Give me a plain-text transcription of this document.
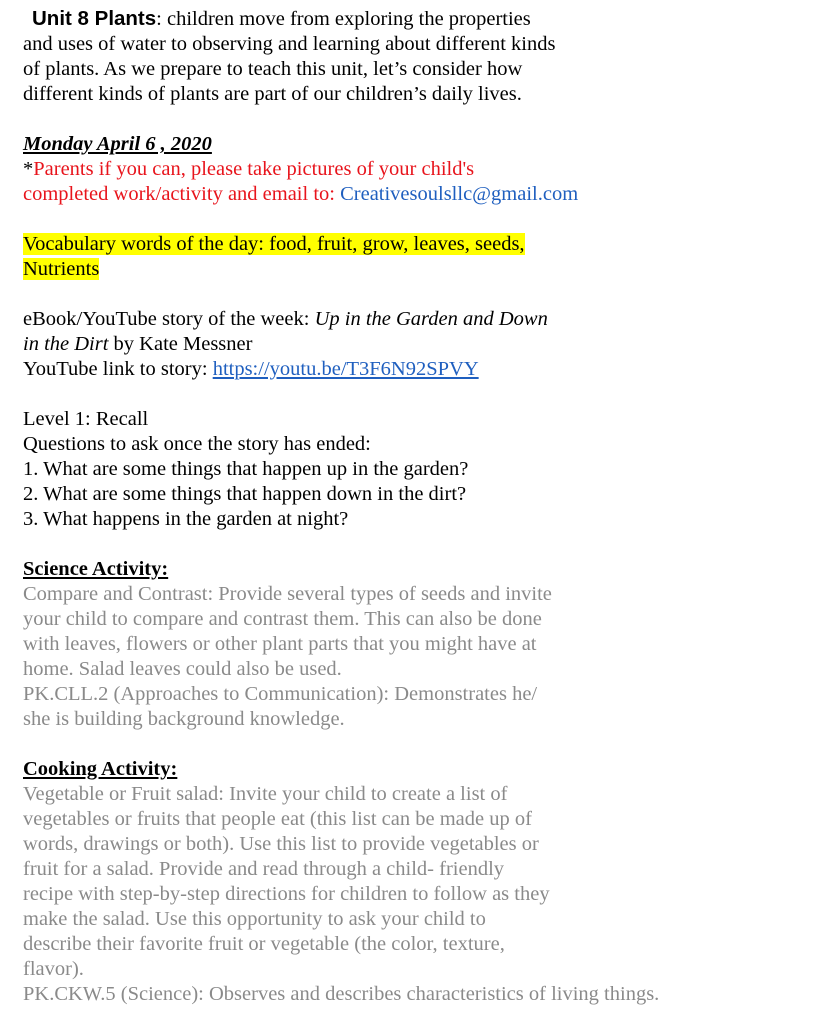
Unit 8 Plants: children move from exploring the properties
and uses of water to observing and learning about different kinds
of plants. As we prepare to teach this unit, let’s consider how
different kinds of plants are part of our children’s daily lives.
Monday April 6 , 2020
*Parents if you can, please take pictures of your child's
completed work/activity and email to: Creativesoulsllc@gmail.com
Vocabulary words of the day: food, fruit, grow, leaves, seeds,
Nutrients
eBook/YouTube story of the week: Up in the Garden and Down
in the Dirt by Kate Messner
YouTube link to story: https://youtu.be/T3F6N92SPVY
Level 1: Recall
Questions to ask once the story has ended:
1. What are some things that happen up in the garden?
2. What are some things that happen down in the dirt?
3. What happens in the garden at night?
Science Activity:
Compare and Contrast: Provide several types of seeds and invite
your child to compare and contrast them. This can also be done
with leaves, flowers or other plant parts that you might have at
home. Salad leaves could also be used.
PK.CLL.2 (Approaches to Communication): Demonstrates he/
she is building background knowledge.
Cooking Activity:
Vegetable or Fruit salad: Invite your child to create a list of
vegetables or fruits that people eat (this list can be made up of
words, drawings or both). Use this list to provide vegetables or
fruit for a salad. Provide and read through a child- friendly
recipe with step-by-step directions for children to follow as they
make the salad. Use this opportunity to ask your child to
describe their favorite fruit or vegetable (the color, texture,
flavor).
PK.CKW.5 (Science): Observes and describes characteristics of living things.
